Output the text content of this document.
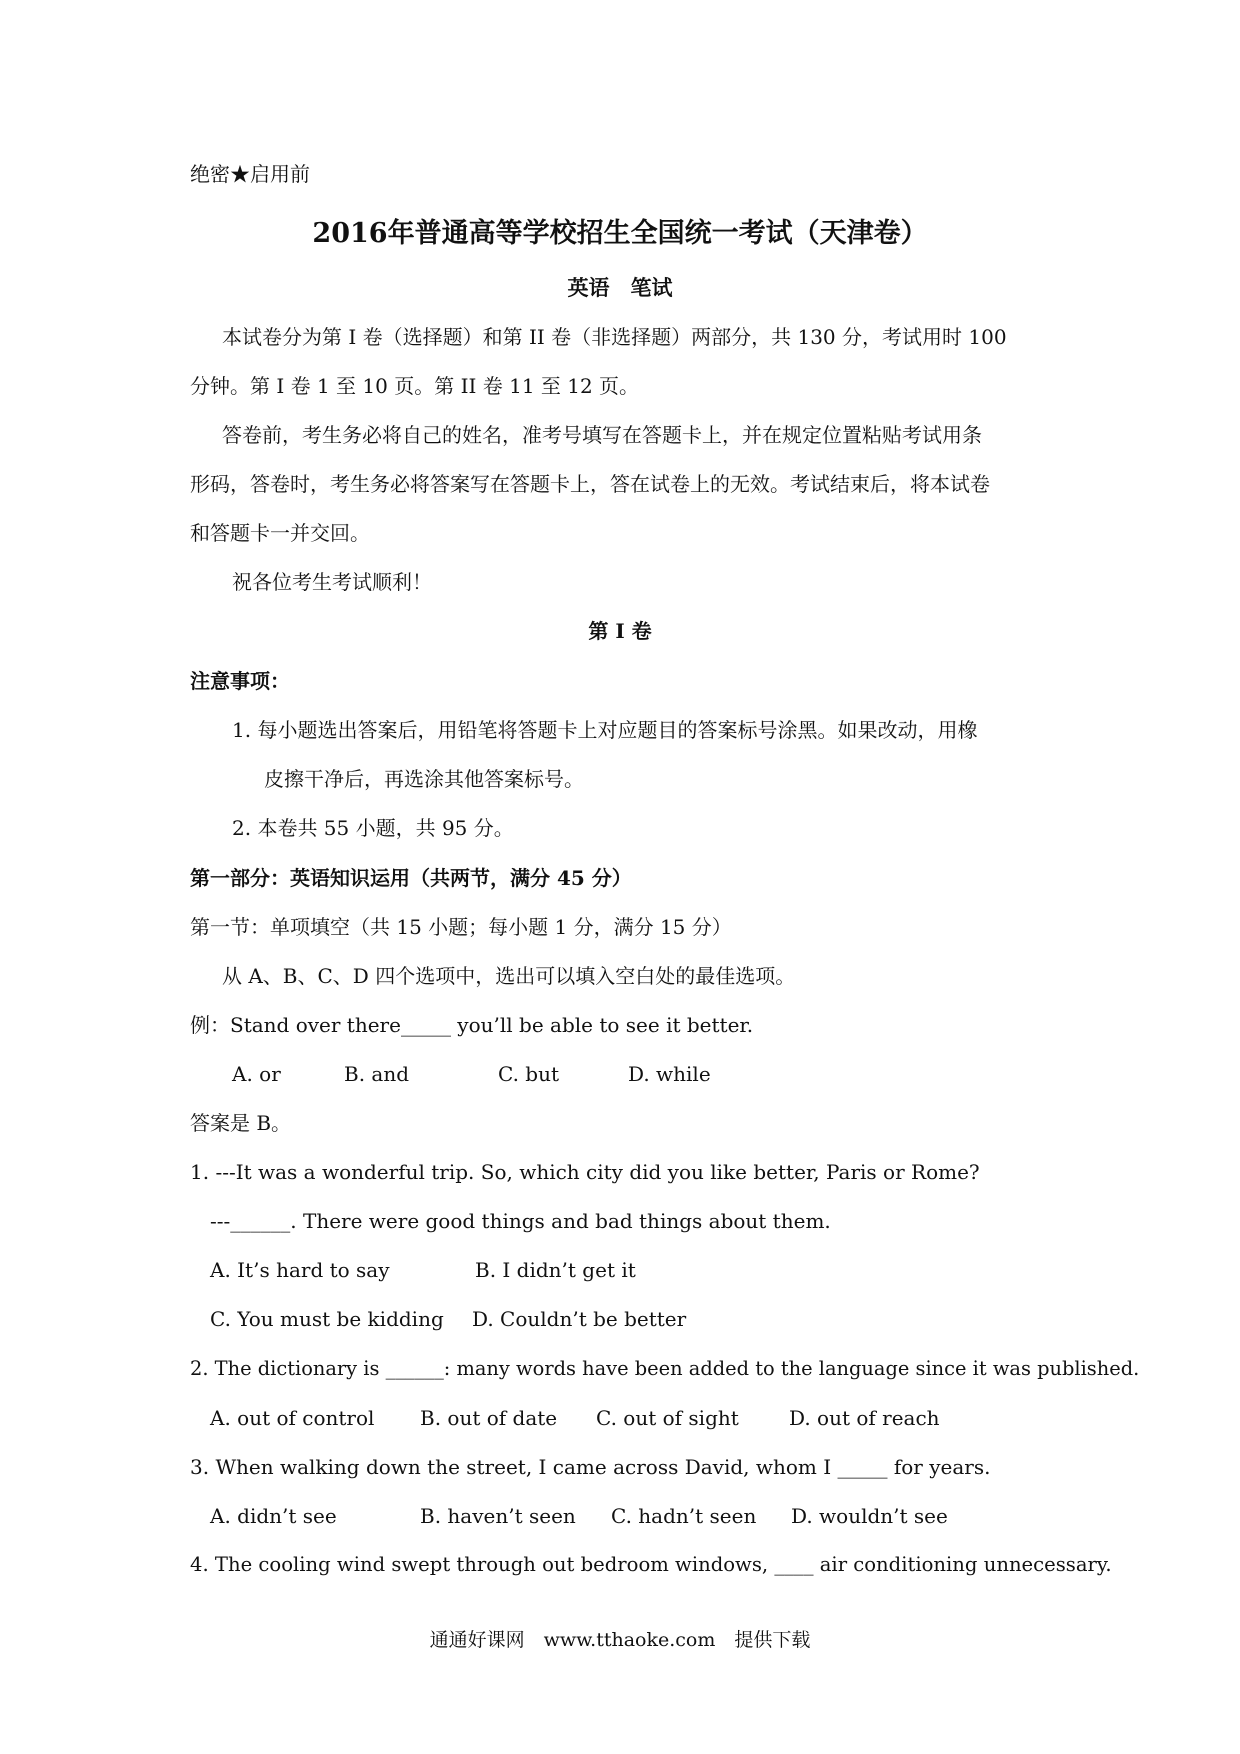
绝密★启用前
2016年普通高等学校招生全国统一考试（天津卷）
英语　笔试
本试卷分为第 I 卷（选择题）和第 II 卷（非选择题）两部分，共 130 分，考试用时 100
分钟。第 I 卷 1 至 10 页。第 II 卷 11 至 12 页。
答卷前，考生务必将自己的姓名，准考号填写在答题卡上，并在规定位置粘贴考试用条
形码，答卷时，考生务必将答案写在答题卡上，答在试卷上的无效。考试结束后，将本试卷
和答题卡一并交回。
祝各位考生考试顺利！
第 I 卷
注意事项：
1. 每小题选出答案后，用铅笔将答题卡上对应题目的答案标号涂黑。如果改动，用橡
皮擦干净后，再选涂其他答案标号。
2. 本卷共 55 小题，共 95 分。
第一部分：英语知识运用（共两节，满分 45 分）
第一节：单项填空（共 15 小题；每小题 1 分，满分 15 分）
从 A、B、C、D 四个选项中，选出可以填入空白处的最佳选项。
例：Stand over there_____ you’ll be able to see it better.
A. or	B. and	C. but	D. while
答案是 B。
1. ---It was a wonderful trip. So, which city did you like better, Paris or Rome?
---______. There were good things and bad things about them.
A. It’s hard to say	B. I didn’t get it
C. You must be kidding D. Couldn’t be better
2. The dictionary is ______: many words have been added to the language since it was published.
A. out of control B. out of date C. out of sight	D. out of reach
3. When walking down the street, I came across David, whom I _____ for years.
A. didn’t see	B. haven’t seen C. hadn’t seen D. wouldn’t see
4. The cooling wind swept through out bedroom windows, ____ air conditioning unnecessary.
通通好课网　www.tthaoke.com　提供下载
